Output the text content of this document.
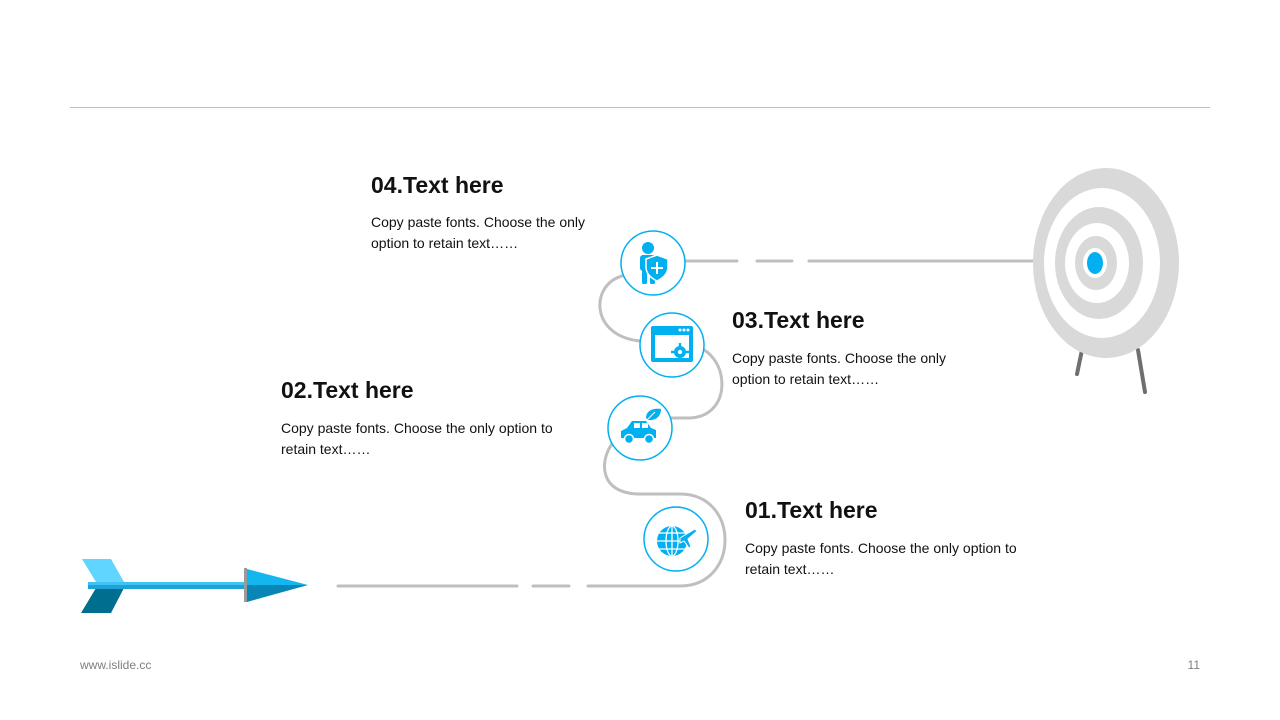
04.Text here

Copy paste fonts. Choose the only option to retain text……

03.Text here

Copy paste fonts. Choose the only option to retain text……

02.Text here

Copy paste fonts. Choose the only option to retain text……

01.Text here

Copy paste fonts. Choose the only option to retain text……

www.islide.cc	11
